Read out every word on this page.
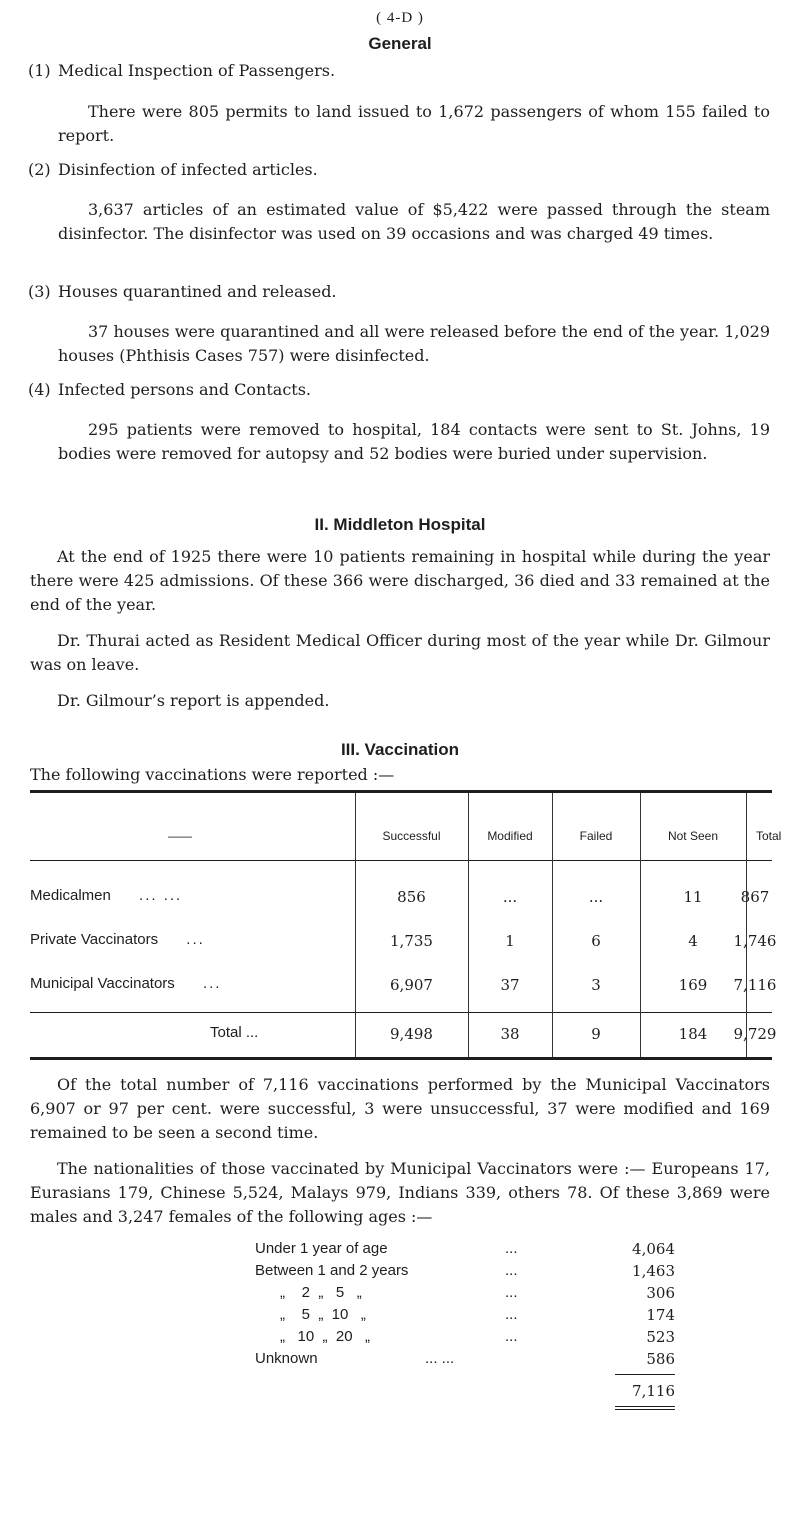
( 4-D )
General
(1) Medical Inspection of Passengers.
There were 805 permits to land issued to 1,672 passengers of whom 155 failed to report.
(2) Disinfection of infected articles.
3,637 articles of an estimated value of $5,422 were passed through the steam disinfector. The disinfector was used on 39 occasions and was charged 49 times.
(3) Houses quarantined and released.
37 houses were quarantined and all were released before the end of the year. 1,029 houses (Phthisis Cases 757) were disinfected.
(4) Infected persons and Contacts.
295 patients were removed to hospital, 184 contacts were sent to St. Johns, 19 bodies were removed for autopsy and 52 bodies were buried under supervision.
II. Middleton Hospital
At the end of 1925 there were 10 patients remaining in hospital while during the year there were 425 admissions. Of these 366 were discharged, 36 died and 33 remained at the end of the year.
Dr. Thurai acted as Resident Medical Officer during most of the year while Dr. Gilmour was on leave.
Dr. Gilmour’s report is appended.
III. Vaccination
The following vaccinations were reported :—
——	Successful	Modified	Failed	Not Seen	Total
Medicalmen ... ...	856	...	...	11	867
Private Vaccinators ...	1,735	1	6	4	1,746
Municipal Vaccinators ...	6,907	37	3	169	7,116
Total ...	9,498	38	9	184	9,729
Of the total number of 7,116 vaccinations performed by the Municipal Vaccinators 6,907 or 97 per cent. were successful, 3 were unsuccessful, 37 were modified and 169 remained to be seen a second time.
The nationalities of those vaccinated by Municipal Vaccinators were :— Europeans 17, Eurasians 179, Chinese 5,524, Malays 979, Indians 339, others 78. Of these 3,869 were males and 3,247 females of the following ages :—
Under 1 year of age	...	4,064
Between 1 and 2 years	...	1,463
„    2  „   5   „	...	306
„    5  „  10   „	...	174
„   10  „  20   „	...	523
Unknown	... ...	586
7,116
